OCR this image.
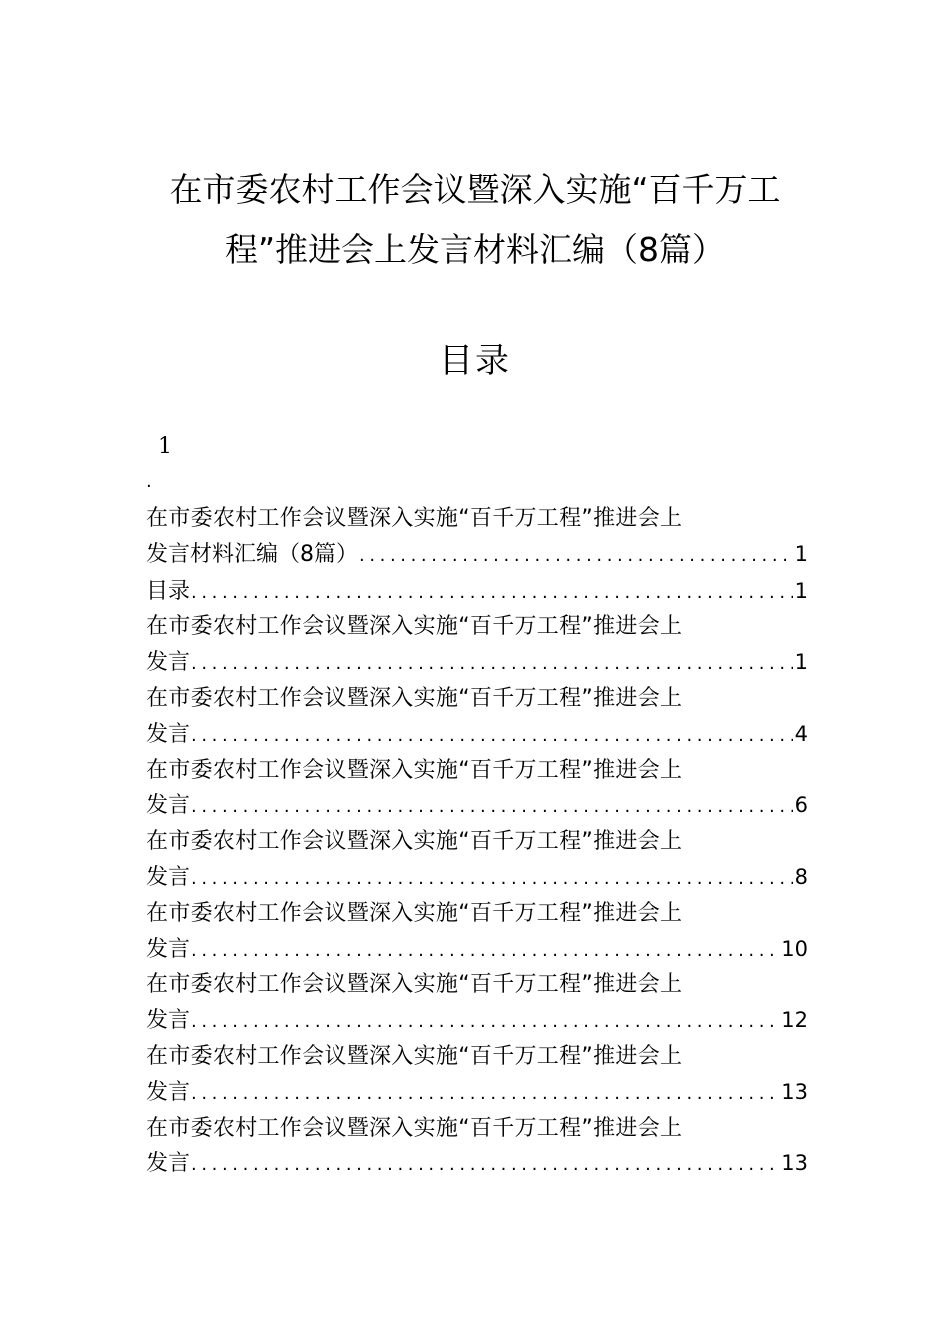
在市委农村工作会议暨深入实施“百千万工
程”推进会上发言材料汇编（8篇）
目录
1
.
在市委农村工作会议暨深入实施“百千万工程”推进会上
发言材料汇编（8篇） .....	1
目录 .....	1
在市委农村工作会议暨深入实施“百千万工程”推进会上
发言 .....	1
在市委农村工作会议暨深入实施“百千万工程”推进会上
发言 .....	4
在市委农村工作会议暨深入实施“百千万工程”推进会上
发言 .....	6
在市委农村工作会议暨深入实施“百千万工程”推进会上
发言 .....	8
在市委农村工作会议暨深入实施“百千万工程”推进会上
发言 .....	10
在市委农村工作会议暨深入实施“百千万工程”推进会上
发言 .....	12
在市委农村工作会议暨深入实施“百千万工程”推进会上
发言 .....	13
在市委农村工作会议暨深入实施“百千万工程”推进会上
发言 .....	13
